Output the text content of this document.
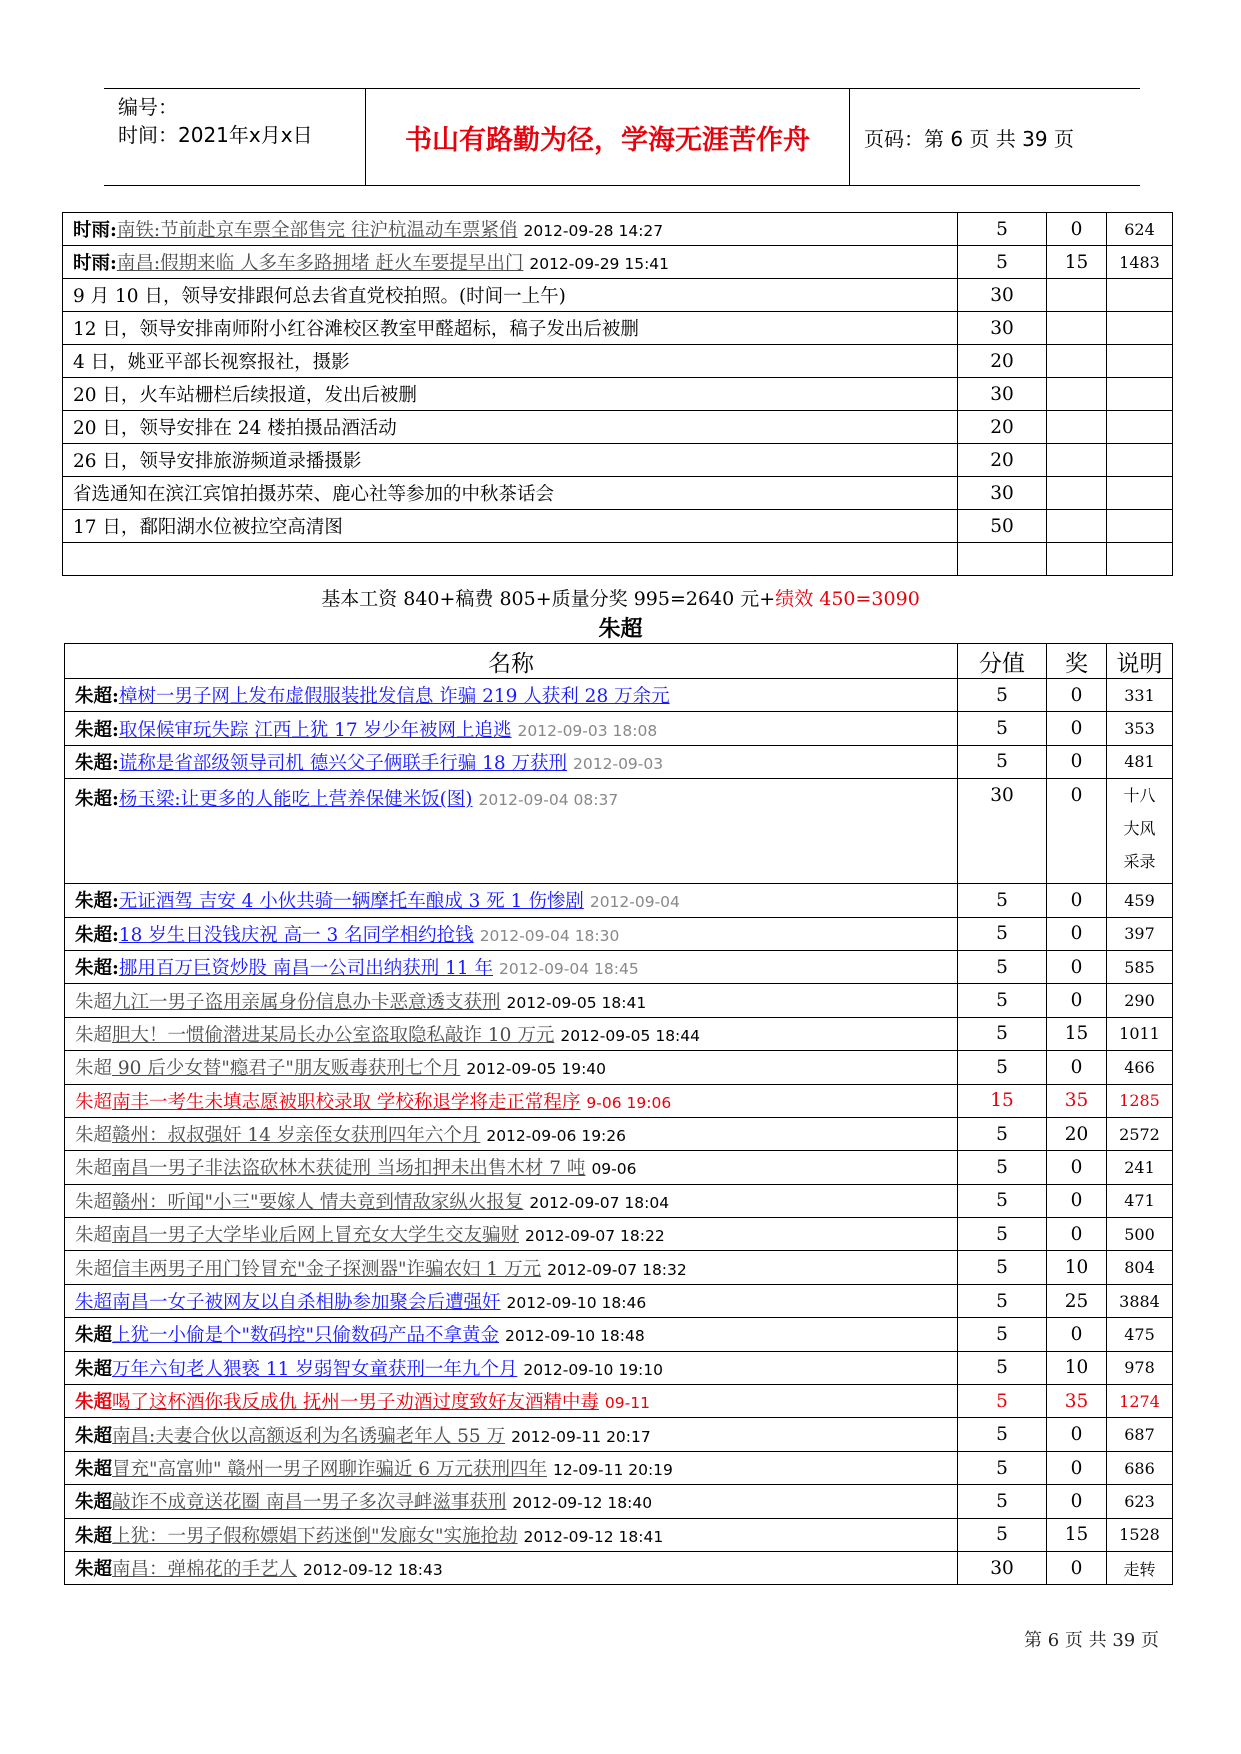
编号：
时间：2021年x月x日	书山有路勤为径，学海无涯苦作舟	页码：第 6 页 共 39 页
时雨:南铁:节前赴京车票全部售完 往沪杭温动车票紧俏 2012-09-28 14:27	5	0	624
时雨:南昌:假期来临 人多车多路拥堵 赶火车要提早出门 2012-09-29 15:41	5	15	1483
9 月 10 日，领导安排跟何总去省直党校拍照。(时间一上午)	30		
12 日，领导安排南师附小红谷滩校区教室甲醛超标，稿子发出后被删	30		
4 日，姚亚平部长视察报社，摄影	20		
20 日，火车站栅栏后续报道，发出后被删	30		
20 日，领导安排在 24 楼拍摄品酒活动	20		
26 日，领导安排旅游频道录播摄影	20		
省选通知在滨江宾馆拍摄苏荣、鹿心社等参加的中秋茶话会	30		
17 日，鄱阳湖水位被拉空高清图	50		

基本工资 840+稿费 805+质量分奖 995=2640 元+绩效 450=3090
朱超
名称	分值	奖	说明
朱超:樟树一男子网上发布虚假服装批发信息 诈骗 219 人获利 28 万余元	5	0	331
朱超:取保候审玩失踪 江西上犹 17 岁少年被网上追逃 2012-09-03 18:08	5	0	353
朱超:谎称是省部级领导司机 德兴父子俩联手行骗 18 万获刑 2012-09-03	5	0	481
朱超:杨玉梁:让更多的人能吃上营养保健米饭(图) 2012-09-04 08:37	30	0	十八
大风
采录

朱超:无证酒驾 吉安 4 小伙共骑一辆摩托车酿成 3 死 1 伤惨剧 2012-09-04	5	0	459
朱超:18 岁生日没钱庆祝 高一 3 名同学相约抢钱 2012-09-04 18:30	5	0	397
朱超:挪用百万巨资炒股 南昌一公司出纳获刑 11 年 2012-09-04 18:45	5	0	585
朱超九江一男子盗用亲属身份信息办卡恶意透支获刑 2012-09-05 18:41	5	0	290
朱超胆大！一惯偷潜进某局长办公室盗取隐私敲诈 10 万元 2012-09-05 18:44	5	15	1011
朱超 90 后少女替"瘾君子"朋友贩毒获刑七个月 2012-09-05 19:40	5	0	466
朱超南丰一考生未填志愿被职校录取 学校称退学将走正常程序 9-06 19:06	15	35	1285
朱超赣州：叔叔强奸 14 岁亲侄女获刑四年六个月 2012-09-06 19:26	5	20	2572
朱超南昌一男子非法盗砍林木获徒刑 当场扣押未出售木材 7 吨 09-06	5	0	241
朱超赣州：听闻"小三"要嫁人 情夫竟到情敌家纵火报复 2012-09-07 18:04	5	0	471
朱超南昌一男子大学毕业后网上冒充女大学生交友骗财 2012-09-07 18:22	5	0	500
朱超信丰两男子用门铃冒充"金子探测器"诈骗农妇 1 万元 2012-09-07 18:32	5	10	804
朱超南昌一女子被网友以自杀相胁参加聚会后遭强奸 2012-09-10 18:46	5	25	3884
朱超上犹一小偷是个"数码控"只偷数码产品不拿黄金 2012-09-10 18:48	5	0	475
朱超万年六旬老人猥亵 11 岁弱智女童获刑一年九个月 2012-09-10 19:10	5	10	978
朱超喝了这杯酒你我反成仇 抚州一男子劝酒过度致好友酒精中毒 09-11	5	35	1274
朱超南昌:夫妻合伙以高额返利为名诱骗老年人 55 万 2012-09-11 20:17	5	0	687
朱超冒充"高富帅" 赣州一男子网聊诈骗近 6 万元获刑四年 12-09-11 20:19	5	0	686
朱超敲诈不成竟送花圈 南昌一男子多次寻衅滋事获刑 2012-09-12 18:40	5	0	623
朱超上犹：一男子假称嫖娼下药迷倒"发廊女"实施抢劫 2012-09-12 18:41	5	15	1528
朱超南昌：弹棉花的手艺人 2012-09-12 18:43	30	0	走转
第 6 页 共 39 页
